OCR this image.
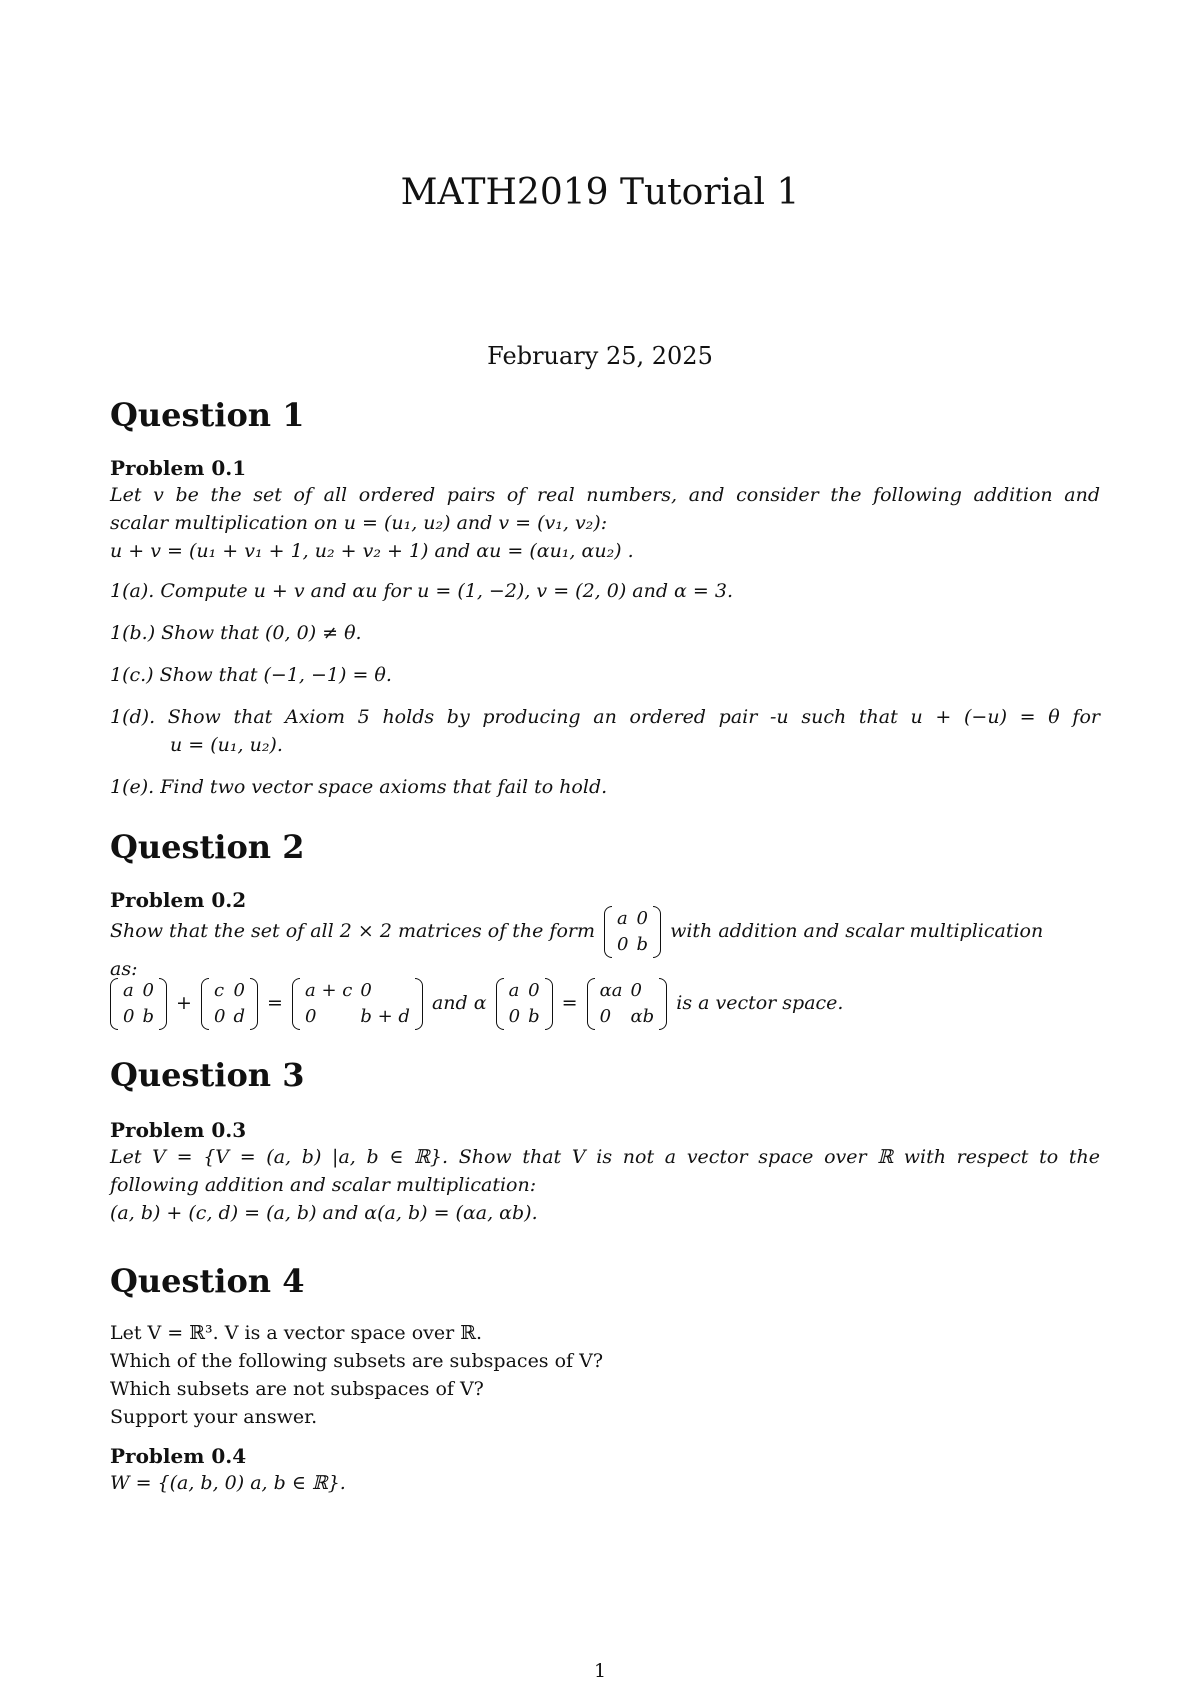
MATH2019 Tutorial 1
February 25, 2025
Question 1
Problem 0.1
Let v be the set of all ordered pairs of real numbers, and consider the following addition and
scalar multiplication on u = (u₁, u₂) and v = (v₁, v₂):
u + v = (u₁ + v₁ + 1, u₂ + v₂ + 1) and αu = (αu₁, αu₂) .
1(a). Compute u + v and αu for u = (1, −2), v = (2, 0) and α = 3.
1(b.) Show that (0, 0) ≠ θ.
1(c.) Show that (−1, −1) = θ.
1(d). Show that Axiom 5 holds by producing an ordered pair -u such that u + (−u) = θ for
u = (u₁, u₂).
1(e). Find two vector space axioms that fail to hold.
Question 2
Problem 0.2
Show that the set of all 2 × 2 matrices of the form
a	0
0	b
with addition and scalar multiplication
as:
a	0
0	b
+
c	0
0	d
=
a + c	0
0	b + d
and α
a	0
0	b
=
αa	0
0	αb
is a vector space.
Question 3
Problem 0.3
Let V = {V = (a, b) |a, b ∈ ℝ}. Show that V is not a vector space over ℝ with respect to the
following addition and scalar multiplication:
(a, b) + (c, d) = (a, b) and α(a, b) = (αa, αb).
Question 4
Let V = ℝ³. V is a vector space over ℝ.
Which of the following subsets are subspaces of V?
Which subsets are not subspaces of V?
Support your answer.
Problem 0.4
W = {(a, b, 0) a, b ∈ ℝ}.
1
